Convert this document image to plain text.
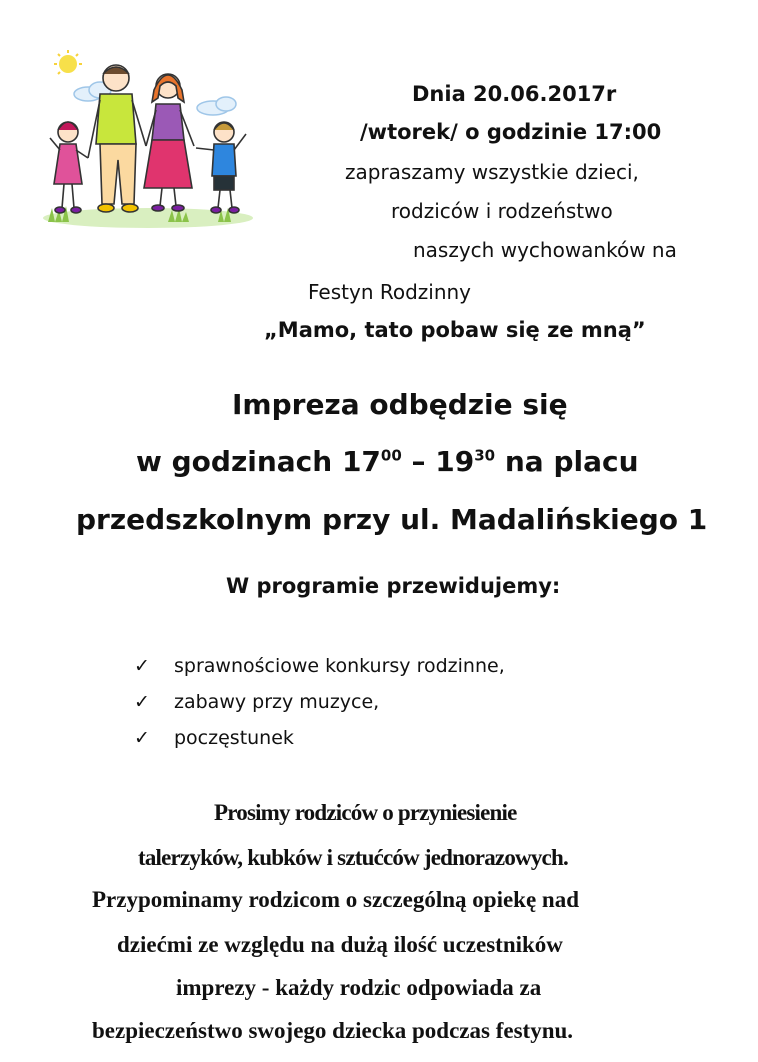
Dnia 20.06.2017r
/wtorek/ o godzinie 17:00
zapraszamy wszystkie dzieci,
rodziców i rodzeństwo
naszych wychowanków na
Festyn Rodzinny
„Mamo, tato pobaw się ze mną”
Impreza odbędzie się
w godzinach $17^{00} - 19^{30}$ na placu
przedszkolnym przy ul. Madalińskiego 1
W programie przewidujemy:
✓ sprawnościowe konkursy rodzinne,
✓ zabawy przy muzyce,
✓ poczęstunek
Prosimy rodziców o przyniesienie
talerzyków, kubków i sztućców jednorazowych.
Przypominamy rodzicom o szczególną opiekę nad
dziećmi ze względu na dużą ilość uczestników
imprezy - każdy rodzic odpowiada za
bezpieczeństwo swojego dziecka podczas festynu.
